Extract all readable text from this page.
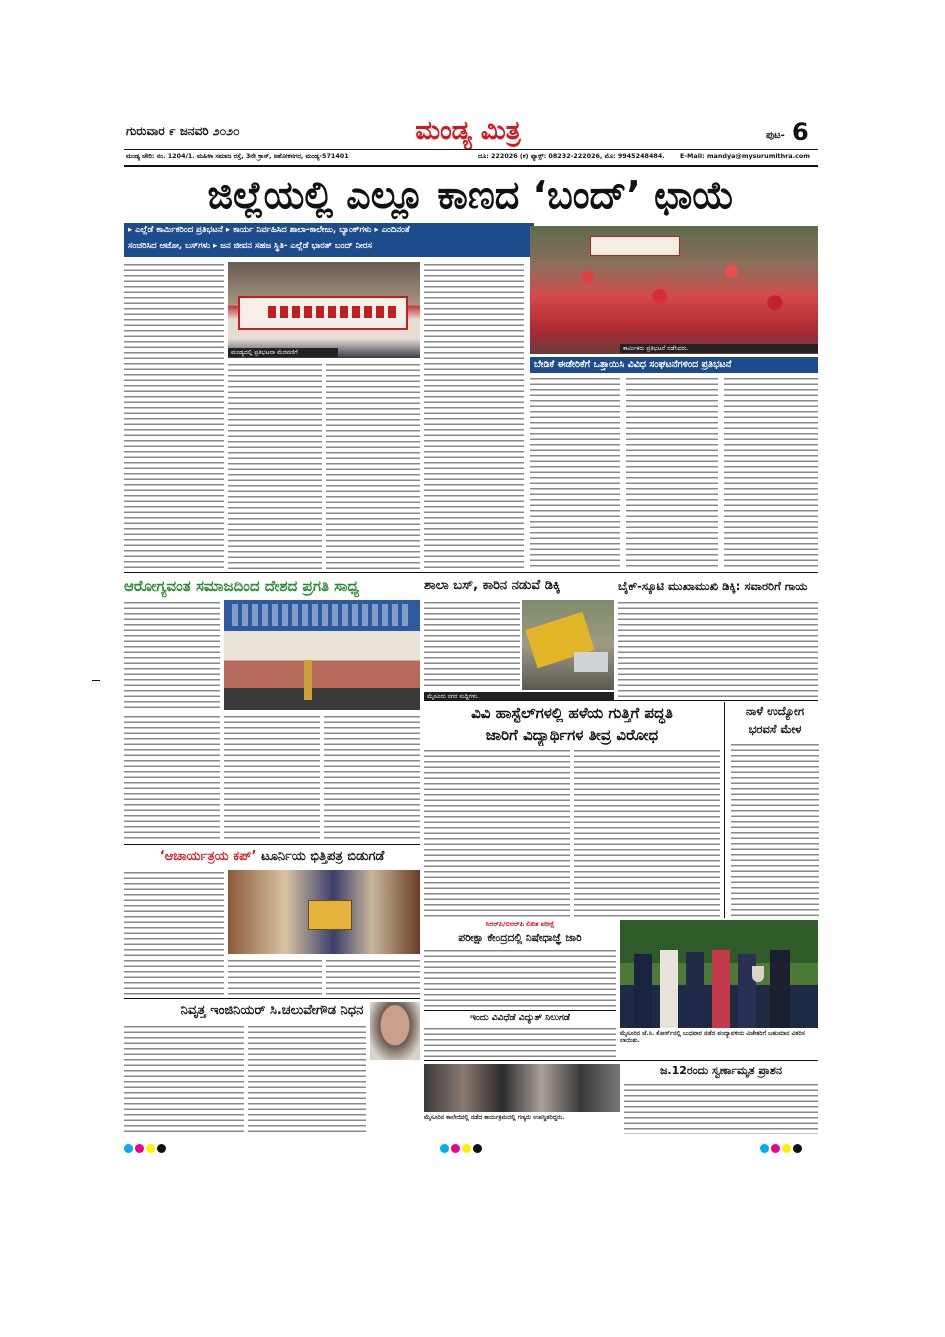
ಗುರುವಾರ ೯ ಜನವರಿ ೨೦೨೦	ಮಂಡ್ಯ ಮಿತ್ರ	ಪುಟ- 6
ಮಂಡ್ಯ ಚೇರಿ: ನಂ. 1204/1. ಮಹಿಳಾ ಸಮಾಜ ರಸ್ತೆ, 3ನೇ ಕ್ರಾಸ್, ಅಶೋಕನಗರ, ಮಂಡ್ಯ-571401	ದೂ: 222026 (ಕ) ಫ್ಯಾಕ್ಸ್: 08232-222026, ಮೊ: 9945248484.	E-Mail: mandya@mysurumithra.com
ಜಿಲ್ಲೆಯಲ್ಲಿ ಎಲ್ಲೂ ಕಾಣದ ‘ಬಂದ್’ ಛಾಯೆ
▸ ಎಲ್ಲೆಡೆ ಕಾರ್ಮಿಕರಿಂದ ಪ್ರತಿಭಟನೆ ▸ ಕಾರ್ಯ ನಿರ್ವಹಿಸಿದ ಶಾಲಾ-ಕಾಲೇಜು, ಬ್ಯಾಂಕ್‌ಗಳು ▸ ಎಂದಿನಂತೆ
ಸಂಚರಿಸಿದ ಆಟೋ, ಬಸ್‌ಗಳು ▸ ಜನ ಜೀವನ ಸಹಜ ಸ್ಥಿತಿ- ಎಲ್ಲೆಡೆ ಭಾರತ್ ಬಂದ್ ನೀರಸ
ಮಂಡ್ಯದಲ್ಲಿ ಪ್ರತಿಭಟನಾ ಮೆರವಣಿಗೆ
ಕಾರ್ಮಿಕರು ಪ್ರತಿಭಟನೆ ನಡೆಸಿದರು.
ಬೇಡಿಕೆ ಈಡೇರಿಕೆಗೆ ಒತ್ತಾಯಿಸಿ ವಿವಿಧ ಸಂಘಟನೆಗಳಿಂದ ಪ್ರತಿಭಟನೆ
ಆರೋಗ್ಯವಂತ ಸಮಾಜದಿಂದ ದೇಶದ ಪ್ರಗತಿ ಸಾಧ್ಯ	ಶಾಲಾ ಬಸ್, ಕಾರಿನ ನಡುವೆ ಡಿಕ್ಕಿ
ಮೈಸೂರು ನಗರ ಸುದ್ದಿಗಳು.
ಬೈಕ್-ಸ್ಕೂಟಿ ಮುಖಾಮುಖಿ ಡಿಕ್ಕಿ: ಸವಾರರಿಗೆ ಗಾಯ
ವಿವಿ ಹಾಸ್ಟೆಲ್‌ಗಳಲ್ಲಿ ಹಳೆಯ ಗುತ್ತಿಗೆ ಪದ್ಧತಿ
ಜಾರಿಗೆ ವಿದ್ಯಾರ್ಥಿಗಳ ತೀವ್ರ ವಿರೋಧ
ನಾಳೆ ಉದ್ಯೋಗ
ಭರವಸೆ ಮೇಳ
‘ಆಚಾರ್ಯತ್ರಯ ಕಪ್’ ಟೂರ್ನಿಯ ಭಿತ್ತಿಪತ್ರ ಬಿಡುಗಡೆ
ಸಿಆರ್‌ಪಿ/ಬಿಆರ್‌ಪಿ ಲಿಖಿತ ಪರೀಕ್ಷೆ
ಪರೀಕ್ಷಾ ಕೇಂದ್ರದಲ್ಲಿ ನಿಷೇಧಾಜ್ಞೆ ಜಾರಿ
ಇಂದು ವಿವಿಧೆಡೆ ವಿದ್ಯುತ್ ನಿಲುಗಡೆ
ಮೈಸೂರಿನ ಜೆ.ಸಿ. ಕೋರ್ಸ್‌ನಲ್ಲಿ ಬುಧವಾರ ನಡೆದ ಪಂದ್ಯಾವಳಿಯ ವಿಜೇತರಿಗೆ ಬಹುಮಾನ ವಿತರಿಸಲಾಯಿತು.
ನಿವೃತ್ತ ಇಂಜಿನಿಯರ್ ಸಿ.ಚಲುವೇಗೌಡ ನಿಧನ
ಮೈಸೂರಿನ ಕಾಲೇಜಿನಲ್ಲಿ ನಡೆದ ಕಾರ್ಯಕ್ರಮದಲ್ಲಿ ಗಣ್ಯರು ಉಪಸ್ಥಿತರಿದ್ದರು.
ಜ.12ರಂದು ಸ್ವರ್ಣಾಮೃತ ಪ್ರಾಶನ
